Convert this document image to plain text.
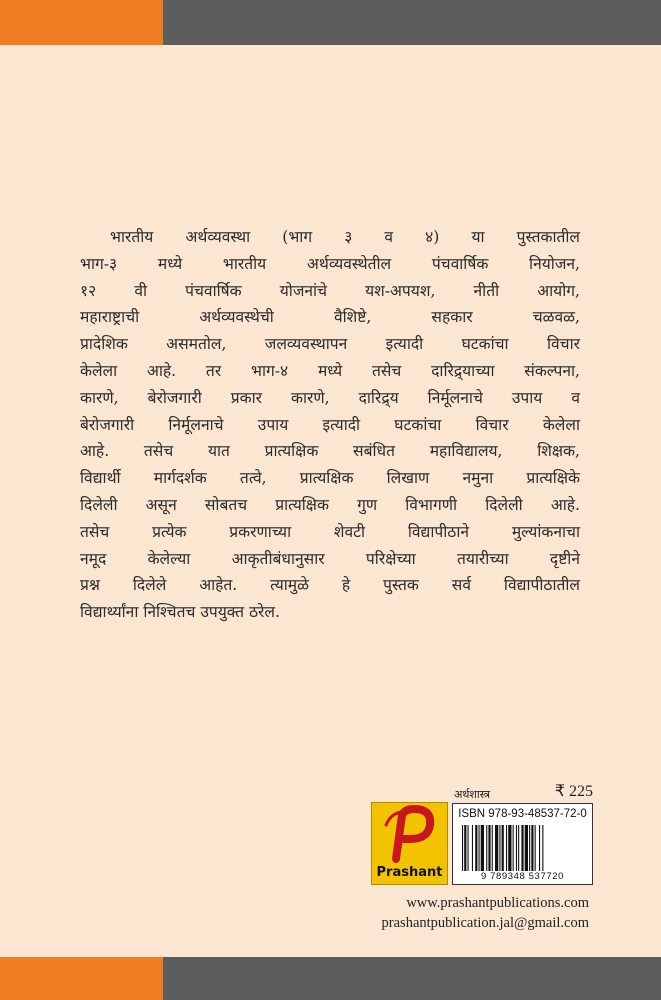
भारतीय अर्थव्यवस्था (भाग ३ व ४) या पुस्तकातील
भाग-३ मध्ये भारतीय अर्थव्यवस्थेतील पंचवार्षिक नियोजन,
१२ वी पंचवार्षिक योजनांचे यश-अपयश, नीती आयोग,
महाराष्ट्राची अर्थव्यवस्थेची वैशिष्टे, सहकार चळवळ,
प्रादेशिक असमतोल, जलव्यवस्थापन इत्यादी घटकांचा विचार
केलेला आहे. तर भाग-४ मध्ये तसेच दारिद्र्याच्या संकल्पना,
कारणे, बेरोजगारी प्रकार कारणे, दारिद्र्य निर्मूलनाचे उपाय व
बेरोजगारी निर्मूलनाचे उपाय इत्यादी घटकांचा विचार केलेला
आहे. तसेच यात प्रात्यक्षिक सबंधित महाविद्यालय, शिक्षक,
विद्यार्थी मार्गदर्शक तत्वे, प्रात्यक्षिक लिखाण नमुना प्रात्यक्षिके
दिलेली असून सोबतच प्रात्यक्षिक गुण विभागणी दिलेली आहे.
तसेच प्रत्येक प्रकरणाच्या शेवटी विद्यापीठाने मुल्यांकनाचा
नमूद केलेल्या आकृतीबंधानुसार परिक्षेच्या तयारीच्या दृष्टीने
प्रश्न दिलेले आहेत. त्यामुळे हे पुस्तक सर्व विद्यापीठातील
विद्यार्थ्यांना निश्चितच उपयुक्त ठरेल.
Prashant
अर्थशास्त्र	₹ 225
ISBN 978-93-48537-72-0
9 789348 537720
www.prashantpublications.com
prashantpublication.jal@gmail.com
